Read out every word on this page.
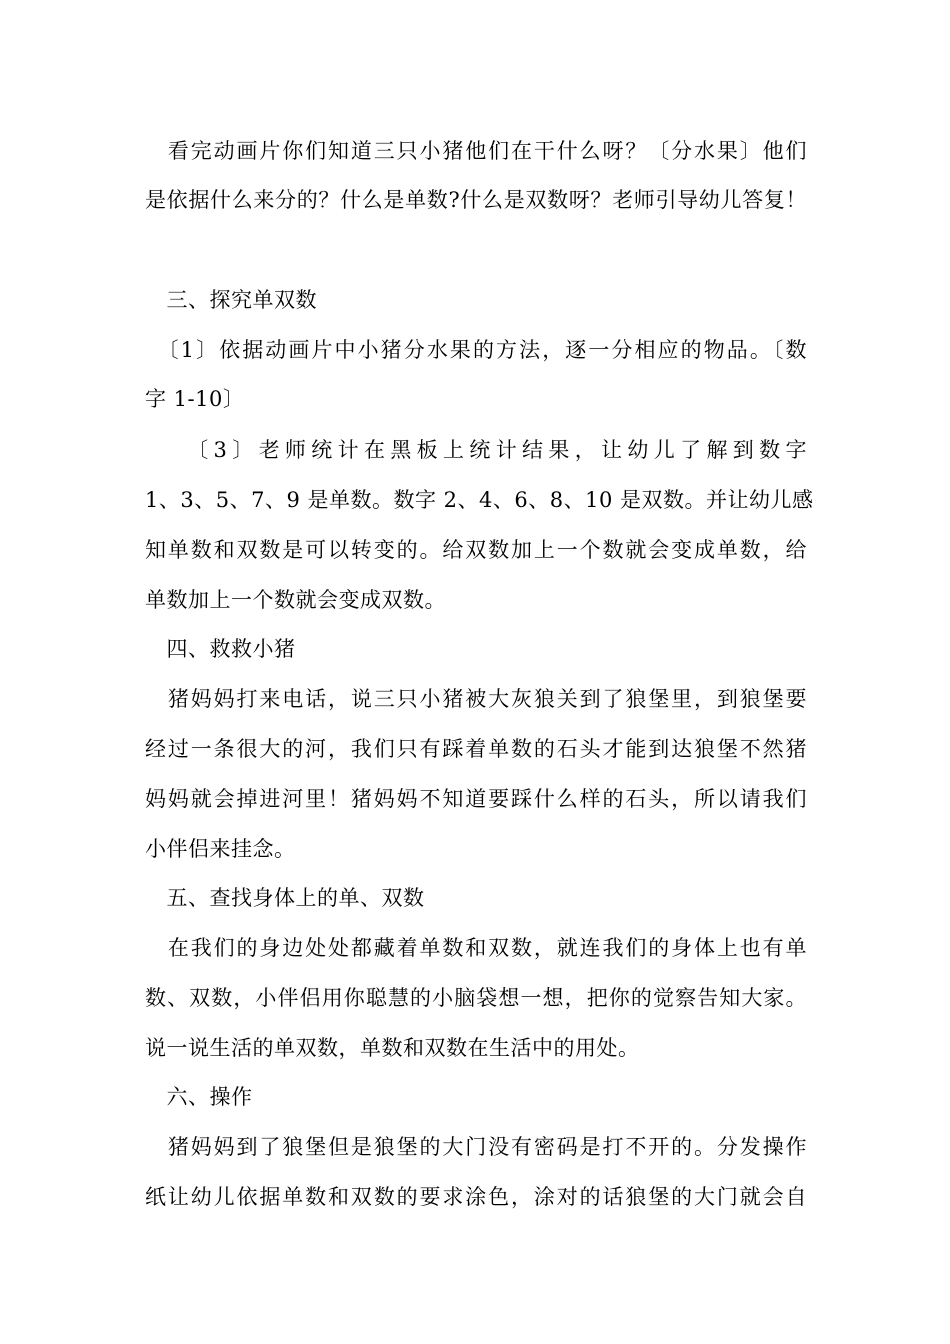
　看完动画片你们知道三只小猪他们在干什么呀？〔分水果〕他们
是依据什么来分的？什么是单数?什么是双数呀？老师引导幼儿答复！
　三、探究单双数
　〔1〕依据动画片中小猪分水果的方法，逐一分相应的物品。〔数
字 1-10〕
　　〔3〕老师统计在黑板上统计结果，让幼儿了解到数字
1、3、5、7、9 是单数。数字 2、4、6、8、10 是双数。并让幼儿感
知单数和双数是可以转变的。给双数加上一个数就会变成单数，给
单数加上一个数就会变成双数。
　四、救救小猪
　猪妈妈打来电话，说三只小猪被大灰狼关到了狼堡里，到狼堡要
经过一条很大的河，我们只有踩着单数的石头才能到达狼堡不然猪
妈妈就会掉进河里！猪妈妈不知道要踩什么样的石头，所以请我们
小伴侣来挂念。
　五、查找身体上的单、双数
　在我们的身边处处都藏着单数和双数，就连我们的身体上也有单
数、双数，小伴侣用你聪慧的小脑袋想一想，把你的觉察告知大家。
说一说生活的单双数，单数和双数在生活中的用处。
　六、操作
　猪妈妈到了狼堡但是狼堡的大门没有密码是打不开的。分发操作
纸让幼儿依据单数和双数的要求涂色，涂对的话狼堡的大门就会自
